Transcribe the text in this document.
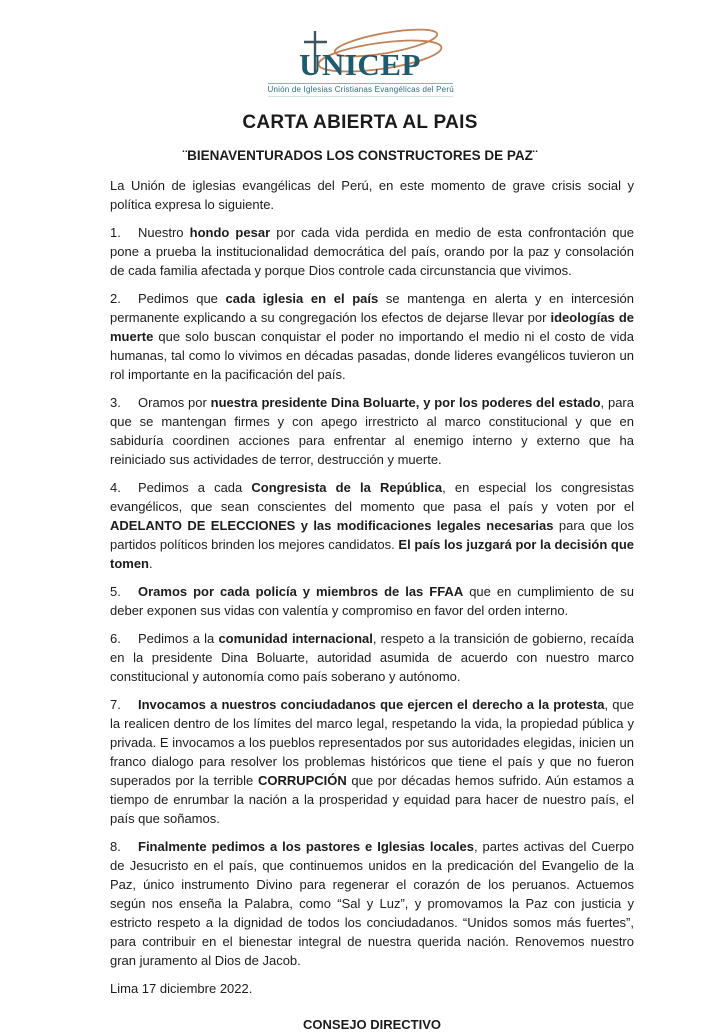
UNICEP
Unión de Iglesias Cristianas Evangélicas del Perú
CARTA ABIERTA AL PAIS
¨BIENAVENTURADOS LOS CONSTRUCTORES DE PAZ¨

La Unión de iglesias evangélicas del Perú, en este momento de grave crisis social y política expresa lo siguiente.

1. Nuestro hondo pesar por cada vida perdida en medio de esta confrontación que pone a prueba la institucionalidad democrática del país, orando por la paz y consolación de cada familia afectada y porque Dios controle cada circunstancia que vivimos.

2. Pedimos que cada iglesia en el país se mantenga en alerta y en intercesión permanente explicando a su congregación los efectos de dejarse llevar por ideologías de muerte que solo buscan conquistar el poder no importando el medio ni el costo de vida humanas, tal como lo vivimos en décadas pasadas, donde lideres evangélicos tuvieron un rol importante en la pacificación del país.

3. Oramos por nuestra presidente Dina Boluarte, y por los poderes del estado, para que se mantengan firmes y con apego irrestricto al marco constitucional y que en sabiduría coordinen acciones para enfrentar al enemigo interno y externo que ha reiniciado sus actividades de terror, destrucción y muerte.

4. Pedimos a cada Congresista de la República, en especial los congresistas evangélicos, que sean conscientes del momento que pasa el país y voten por el ADELANTO DE ELECCIONES y las modificaciones legales necesarias para que los partidos políticos brinden los mejores candidatos. El país los juzgará por la decisión que tomen.

5. Oramos por cada policía y miembros de las FFAA que en cumplimiento de su deber exponen sus vidas con valentía y compromiso en favor del orden interno.

6. Pedimos a la comunidad internacional, respeto a la transición de gobierno, recaída en la presidente Dina Boluarte, autoridad asumida de acuerdo con nuestro marco constitucional y autonomía como país soberano y autónomo.

7. Invocamos a nuestros conciudadanos que ejercen el derecho a la protesta, que la realicen dentro de los límites del marco legal, respetando la vida, la propiedad pública y privada. E invocamos a los pueblos representados por sus autoridades elegidas, inicien un franco dialogo para resolver los problemas históricos que tiene el país y que no fueron superados por la terrible CORRUPCIÓN que por décadas hemos sufrido. Aún estamos a tiempo de enrumbar la nación a la prosperidad y equidad para hacer de nuestro país, el país que soñamos.

8. Finalmente pedimos a los pastores e Iglesias locales, partes activas del Cuerpo de Jesucristo en el país, que continuemos unidos en la predicación del Evangelio de la Paz, único instrumento Divino para regenerar el corazón de los peruanos. Actuemos según nos enseña la Palabra, como “Sal y Luz”, y promovamos la Paz con justicia y estricto respeto a la dignidad de todos los conciudadanos. “Unidos somos más fuertes”, para contribuir en el bienestar integral de nuestra querida nación. Renovemos nuestro gran juramento al Dios de Jacob.

Lima 17 diciembre 2022.

CONSEJO DIRECTIVO
